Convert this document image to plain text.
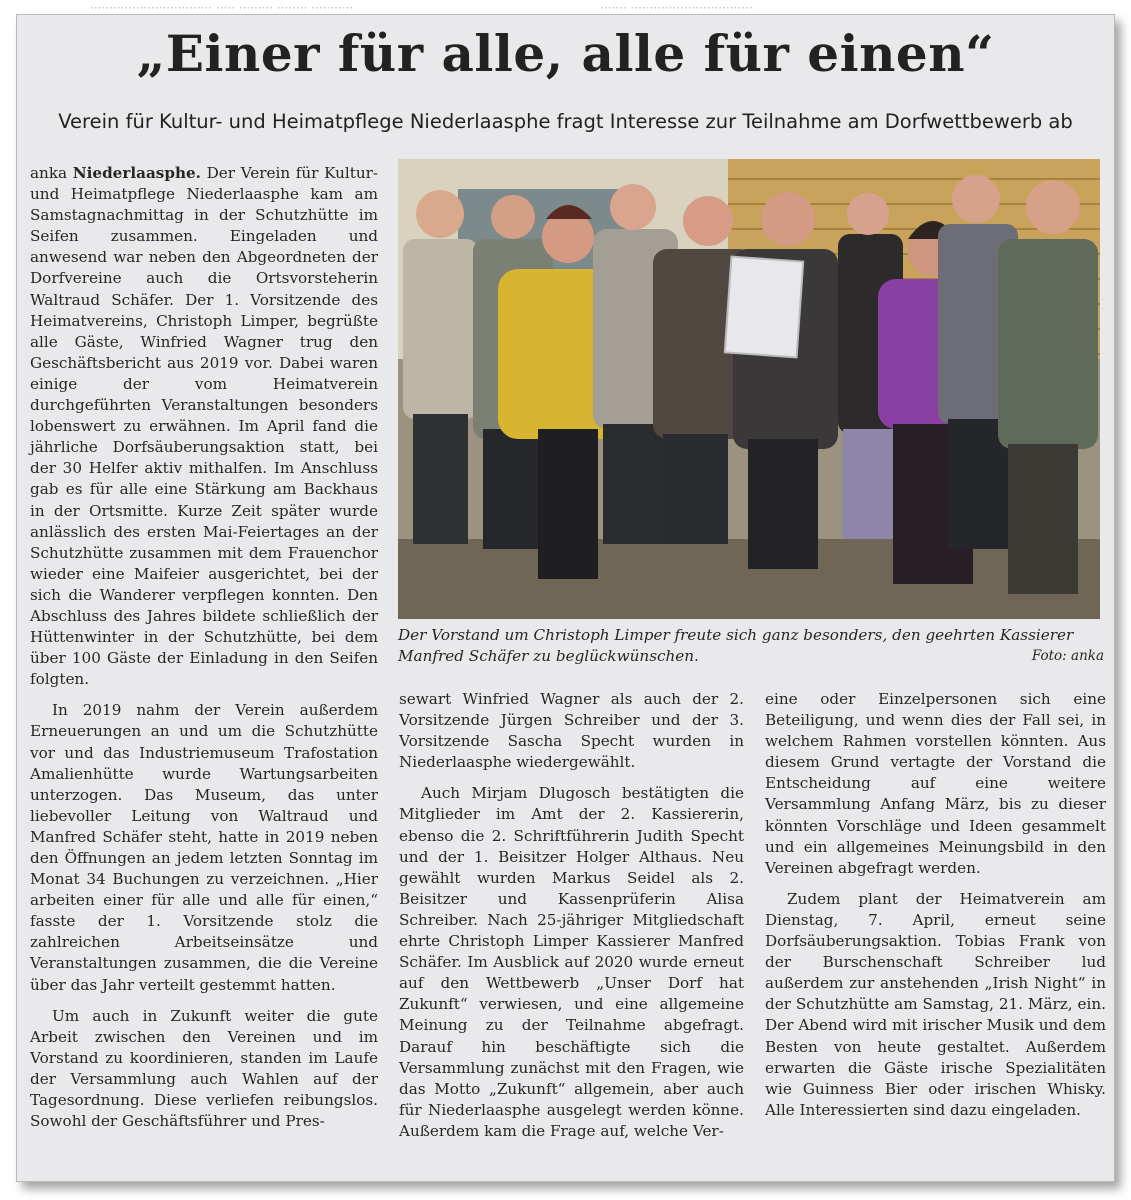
................................ ..... ......... ........ ...........	....... ................................
„Einer für alle, alle für einen“
Verein für Kultur- und Heimatpflege Niederlaasphe fragt Interesse zur Teilnahme am Dorfwettbewerb ab

anka Niederlaasphe. Der Verein für Kultur- und Heimatpflege Niederlaasphe kam am Samstagnachmittag in der Schutzhütte im Seifen zusammen. Eingeladen und anwesend war neben den Abgeordneten der Dorfvereine auch die Ortsvorsteherin Waltraud Schäfer. Der 1. Vorsitzende des Heimatvereins, Christoph Limper, begrüßte alle Gäste, Winfried Wagner trug den Geschäftsbericht aus 2019 vor. Dabei waren einige der vom Heimatverein durchgeführten Veranstaltungen besonders lobenswert zu erwähnen. Im April fand die jährliche Dorfsäuberungsaktion statt, bei der 30 Helfer aktiv mithalfen. Im Anschluss gab es für alle eine Stärkung am Backhaus in der Ortsmitte. Kurze Zeit später wurde anlässlich des ersten Mai-Feiertages an der Schutzhütte zusammen mit dem Frauenchor wieder eine Maifeier ausgerichtet, bei der sich die Wanderer verpflegen konnten. Den Abschluss des Jahres bildete schließlich der Hüttenwinter in der Schutzhütte, bei dem über 100 Gäste der Einladung in den Seifen folgten.

In 2019 nahm der Verein außerdem Erneuerungen an und um die Schutzhütte vor und das Industriemuseum Trafostation Amalienhütte wurde Wartungsarbeiten unterzogen. Das Museum, das unter liebevoller Leitung von Waltraud und Manfred Schäfer steht, hatte in 2019 neben den Öffnungen an jedem letzten Sonntag im Monat 34 Buchungen zu verzeichnen. „Hier arbeiten einer für alle und alle für einen,“ fasste der 1. Vorsitzende stolz die zahlreichen Arbeitseinsätze und Veranstaltungen zusammen, die die Vereine über das Jahr verteilt gestemmt hatten.

Um auch in Zukunft weiter die gute Arbeit zwischen den Vereinen und im Vorstand zu koordinieren, standen im Laufe der Versammlung auch Wahlen auf der Tagesordnung. Diese verliefen reibungslos. Sowohl der Geschäftsführer und Pres-

Der Vorstand um Christoph Limper freute sich ganz besonders, den geehrten Kassierer Manfred Schäfer zu beglückwünschen.	Foto: anka

sewart Winfried Wagner als auch der 2. Vorsitzende Jürgen Schreiber und der 3. Vorsitzende Sascha Specht wurden in Niederlaasphe wiedergewählt.

Auch Mirjam Dlugosch bestätigten die Mitglieder im Amt der 2. Kassiererin, ebenso die 2. Schriftführerin Judith Specht und der 1. Beisitzer Holger Althaus. Neu gewählt wurden Markus Seidel als 2. Beisitzer und Kassenprüferin Alisa Schreiber. Nach 25-jähriger Mitgliedschaft ehrte Christoph Limper Kassierer Manfred Schäfer. Im Ausblick auf 2020 wurde erneut auf den Wettbewerb „Unser Dorf hat Zukunft“ verwiesen, und eine allgemeine Meinung zu der Teilnahme abgefragt. Darauf hin beschäftigte sich die Versammlung zunächst mit den Fragen, wie das Motto „Zukunft“ allgemein, aber auch für Niederlaasphe ausgelegt werden könne. Außerdem kam die Frage auf, welche Ver-

eine oder Einzelpersonen sich eine Beteiligung, und wenn dies der Fall sei, in welchem Rahmen vorstellen könnten. Aus diesem Grund vertagte der Vorstand die Entscheidung auf eine weitere Versammlung Anfang März, bis zu dieser könnten Vorschläge und Ideen gesammelt und ein allgemeines Meinungsbild in den Vereinen abgefragt werden.

Zudem plant der Heimatverein am Dienstag, 7. April, erneut seine Dorfsäuberungsaktion. Tobias Frank von der Burschenschaft Schreiber lud außerdem zur anstehenden „Irish Night“ in der Schutzhütte am Samstag, 21. März, ein. Der Abend wird mit irischer Musik und dem Besten von heute gestaltet. Außerdem erwarten die Gäste irische Spezialitäten wie Guinness Bier oder irischen Whisky. Alle Interessierten sind dazu eingeladen.
